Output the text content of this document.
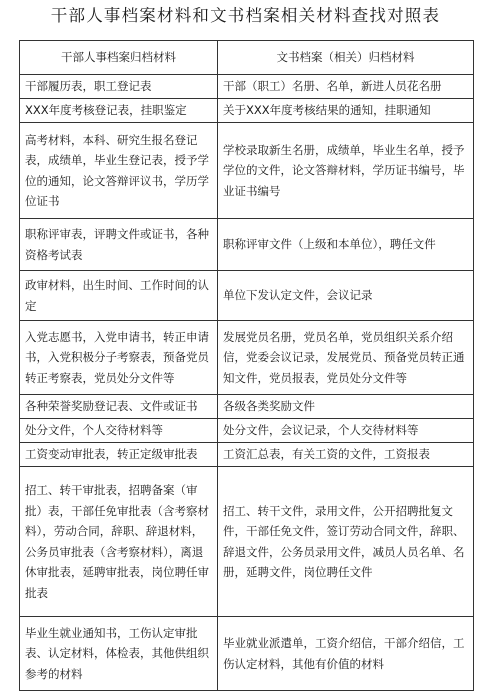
干部人事档案材料和文书档案相关材料查找对照表
干部人事档案归档材料	文书档案（相关）归档材料
干部履历表，职工登记表	干部（职工）名册、名单，新进人员花名册
XXX年度考核登记表，挂职鉴定	关于XXX年度考核结果的通知，挂职通知
高考材料，本科、研究生报名登记表，成绩单，毕业生登记表，授予学位的通知，论文答辩评议书，学历学位证书	学校录取新生名册，成绩单，毕业生名单，授予学位的文件，论文答辩材料，学历证书编号，毕业证书编号
职称评审表，评聘文件或证书，各种资格考试表	职称评审文件（上级和本单位），聘任文件
政审材料，出生时间、工作时间的认定	单位下发认定文件，会议记录
入党志愿书，入党申请书，转正申请书，入党积极分子考察表，预备党员转正考察表，党员处分文件等	发展党员名册，党员名单，党员组织关系介绍信，党委会议记录，发展党员、预备党员转正通知文件，党员报表，党员处分文件等
各种荣誉奖励登记表、文件或证书	各级各类奖励文件
处分文件，个人交待材料等	处分文件，会议记录，个人交待材料等
工资变动审批表，转正定级审批表	工资汇总表，有关工资的文件，工资报表
招工、转干审批表，招聘备案（审批）表，干部任免审批表（含考察材料），劳动合同，辞职、辞退材料，公务员审批表（含考察材料），离退休审批表，延聘审批表，岗位聘任审批表	招工、转干文件，录用文件，公开招聘批复文件，干部任免文件，签订劳动合同文件，辞职、辞退文件，公务员录用文件，减员人员名单、名册，延聘文件，岗位聘任文件
毕业生就业通知书，工伤认定审批表、认定材料，体检表，其他供组织参考的材料	毕业就业派遣单，工资介绍信，干部介绍信，工伤认定材料，其他有价值的材料
